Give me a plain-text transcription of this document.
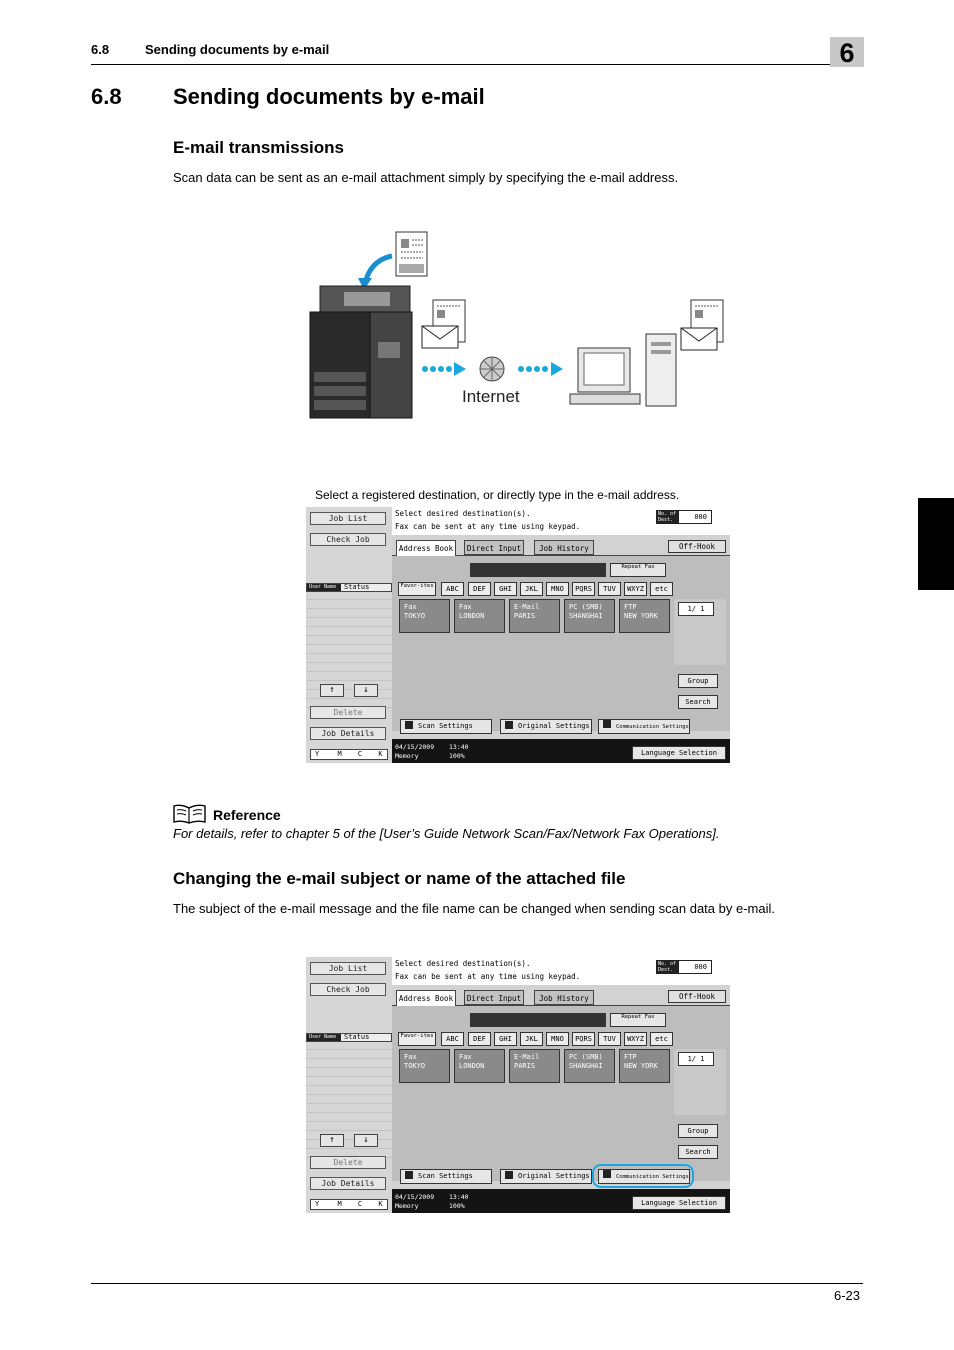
6.8	Sending documents by e-mail	6
6.8 Sending documents by e-mail
E-mail transmissions
Scan data can be sent as an e-mail attachment simply by specifying the e-mail address.
Internet
Select a registered destination, or directly type in the e-mail address.
Job List
Check Job
User Name	Status
↑	↓
Delete
Job Details
Y	M C K
Select desired destination(s).
Fax can be sent at any time using keypad.
No. of Dest.	000
Address Book	Direct Input	Job History	Off-Hook
Repeat Fax
Favor-ites	ABC	DEF	GHI	JKL	MNO	PQRS	TUV	WXYZ	etc
Fax
TOKYO
Fax
LONDON
E-Mail
PARIS
PC (SMB)
SHANGHAI
FTP
NEW YORK
1/ 1
Group
Search
Scan Settings	Original Settings	Communication Settings
04/15/2009
Memory
13:40
100%	Language Selection
Reference
For details, refer to chapter 5 of the [User’s Guide Network Scan/Fax/Network Fax Operations].
Changing the e-mail subject or name of the attached file
The subject of the e-mail message and the file name can be changed when sending scan data by e-mail.
Job List
Check Job
User Name	Status
↑	↓
Delete
Job Details
Y	M C K
Select desired destination(s).
Fax can be sent at any time using keypad.
No. of Dest.	000
Address Book	Direct Input	Job History	Off-Hook
Repeat Fax
Favor-ites	ABC	DEF	GHI	JKL	MNO	PQRS	TUV	WXYZ	etc
Fax
TOKYO
Fax
LONDON
E-Mail
PARIS
PC (SMB)
SHANGHAI
FTP
NEW YORK
1/ 1
Group
Search
Scan Settings	Original Settings	Communication Settings
04/15/2009
Memory
13:40
100%	Language Selection
6-23
